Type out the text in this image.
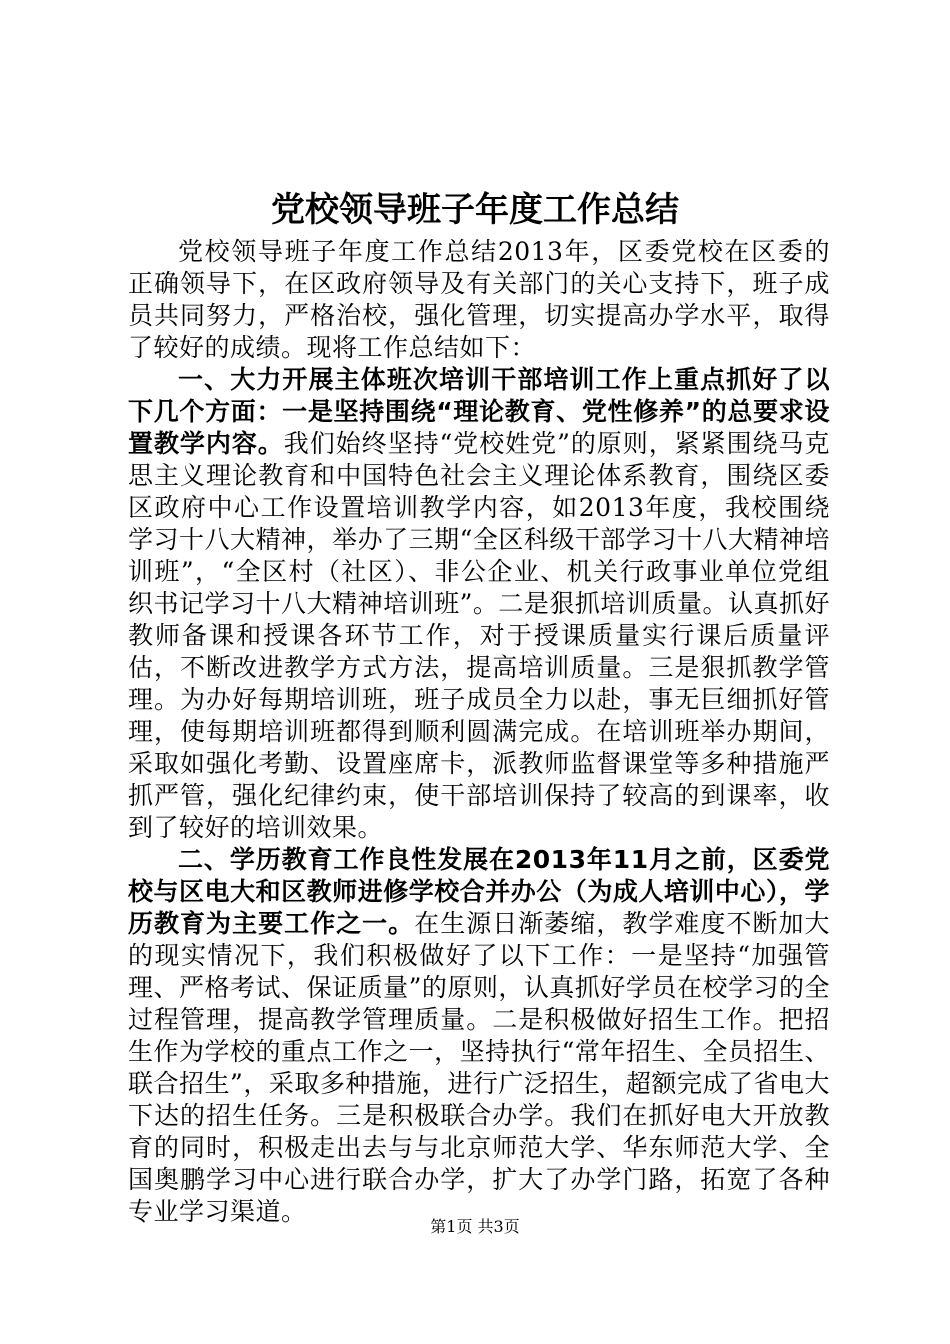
党校领导班子年度工作总结

党校领导班子年度工作总结2013年，区委党校在区委的正确领导下，在区政府领导及有关部门的关心支持下，班子成员共同努力，严格治校，强化管理，切实提高办学水平，取得了较好的成绩。现将工作总结如下：

一、大力开展主体班次培训干部培训工作上重点抓好了以下几个方面：一是坚持围绕“理论教育、党性修养”的总要求设置教学内容。我们始终坚持“党校姓党”的原则，紧紧围绕马克思主义理论教育和中国特色社会主义理论体系教育，围绕区委区政府中心工作设置培训教学内容，如2013年度，我校围绕学习十八大精神，举办了三期“全区科级干部学习十八大精神培训班”，“全区村（社区）、非公企业、机关行政事业单位党组织书记学习十八大精神培训班”。二是狠抓培训质量。认真抓好教师备课和授课各环节工作，对于授课质量实行课后质量评估，不断改进教学方式方法，提高培训质量。三是狠抓教学管理。为办好每期培训班，班子成员全力以赴，事无巨细抓好管理，使每期培训班都得到顺利圆满完成。在培训班举办期间，采取如强化考勤、设置座席卡，派教师监督课堂等多种措施严抓严管，强化纪律约束，使干部培训保持了较高的到课率，收到了较好的培训效果。

二、学历教育工作良性发展在2013年11月之前，区委党校与区电大和区教师进修学校合并办公（为成人培训中心），学历教育为主要工作之一。在生源日渐萎缩，教学难度不断加大的现实情况下，我们积极做好了以下工作：一是坚持“加强管理、严格考试、保证质量”的原则，认真抓好学员在校学习的全过程管理，提高教学管理质量。二是积极做好招生工作。把招生作为学校的重点工作之一，坚持执行“常年招生、全员招生、联合招生”，采取多种措施，进行广泛招生，超额完成了省电大下达的招生任务。三是积极联合办学。我们在抓好电大开放教育的同时，积极走出去与与北京师范大学、华东师范大学、全国奥鹏学习中心进行联合办学，扩大了办学门路，拓宽了各种专业学习渠道。

第1页 共3页
